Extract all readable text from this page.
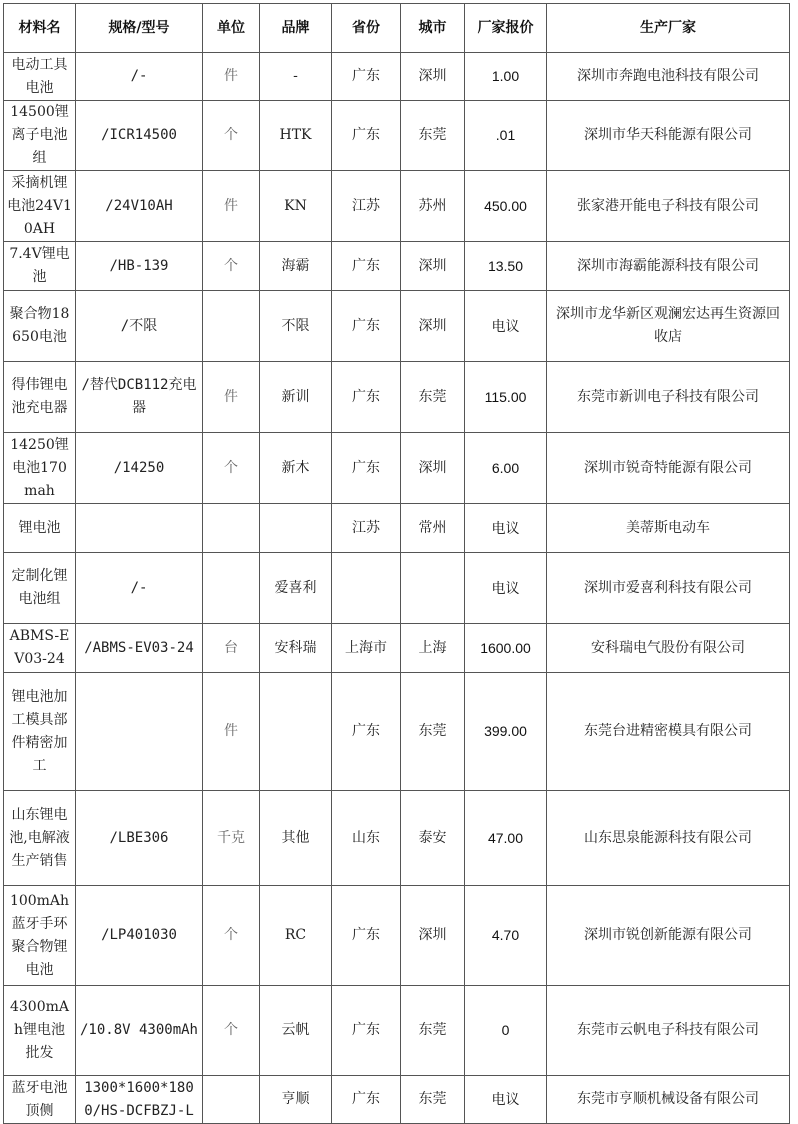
材料名	规格/型号	单位	品牌	省份	城市	厂家报价	生产厂家
电动工具电池	/-	件	-	广东	深圳	1.00	深圳市奔跑电池科技有限公司
14500锂离子电池组	/ICR14500	个	HTK	广东	东莞	.01	深圳市华天科能源有限公司
采摘机锂电池24V10AH	/24V10AH	件	KN	江苏	苏州	450.00	张家港开能电子科技有限公司
7.4V锂电池	/HB-139	个	海霸	广东	深圳	13.50	深圳市海霸能源科技有限公司
聚合物18650电池	/不限		不限	广东	深圳	电议	深圳市龙华新区观澜宏达再生资源回收店
得伟锂电池充电器	/替代DCB112充电器	件	新训	广东	东莞	115.00	东莞市新训电子科技有限公司
14250锂电池170mah	/14250	个	新木	广东	深圳	6.00	深圳市锐奇特能源有限公司
锂电池				江苏	常州	电议	美蒂斯电动车
定制化锂电池组	/-		爱喜利			电议	深圳市爱喜利科技有限公司
ABMS-EV03-24	/ABMS-EV03-24	台	安科瑞	上海市	上海	1600.00	安科瑞电气股份有限公司
锂电池加工模具部件精密加工		件		广东	东莞	399.00	东莞台进精密模具有限公司
山东锂电池,电解液生产销售	/LBE306	千克	其他	山东	泰安	47.00	山东思泉能源科技有限公司
100mAh蓝牙手环聚合物锂电池	/LP401030	个	RC	广东	深圳	4.70	深圳市锐创新能源有限公司
4300mAh锂电池批发	/10.8V 4300mAh	个	云帆	广东	东莞	0	东莞市云帆电子科技有限公司
蓝牙电池顶侧	1300*1600*1800/HS-DCFBZJ-L		亨顺	广东	东莞	电议	东莞市亨顺机械设备有限公司
